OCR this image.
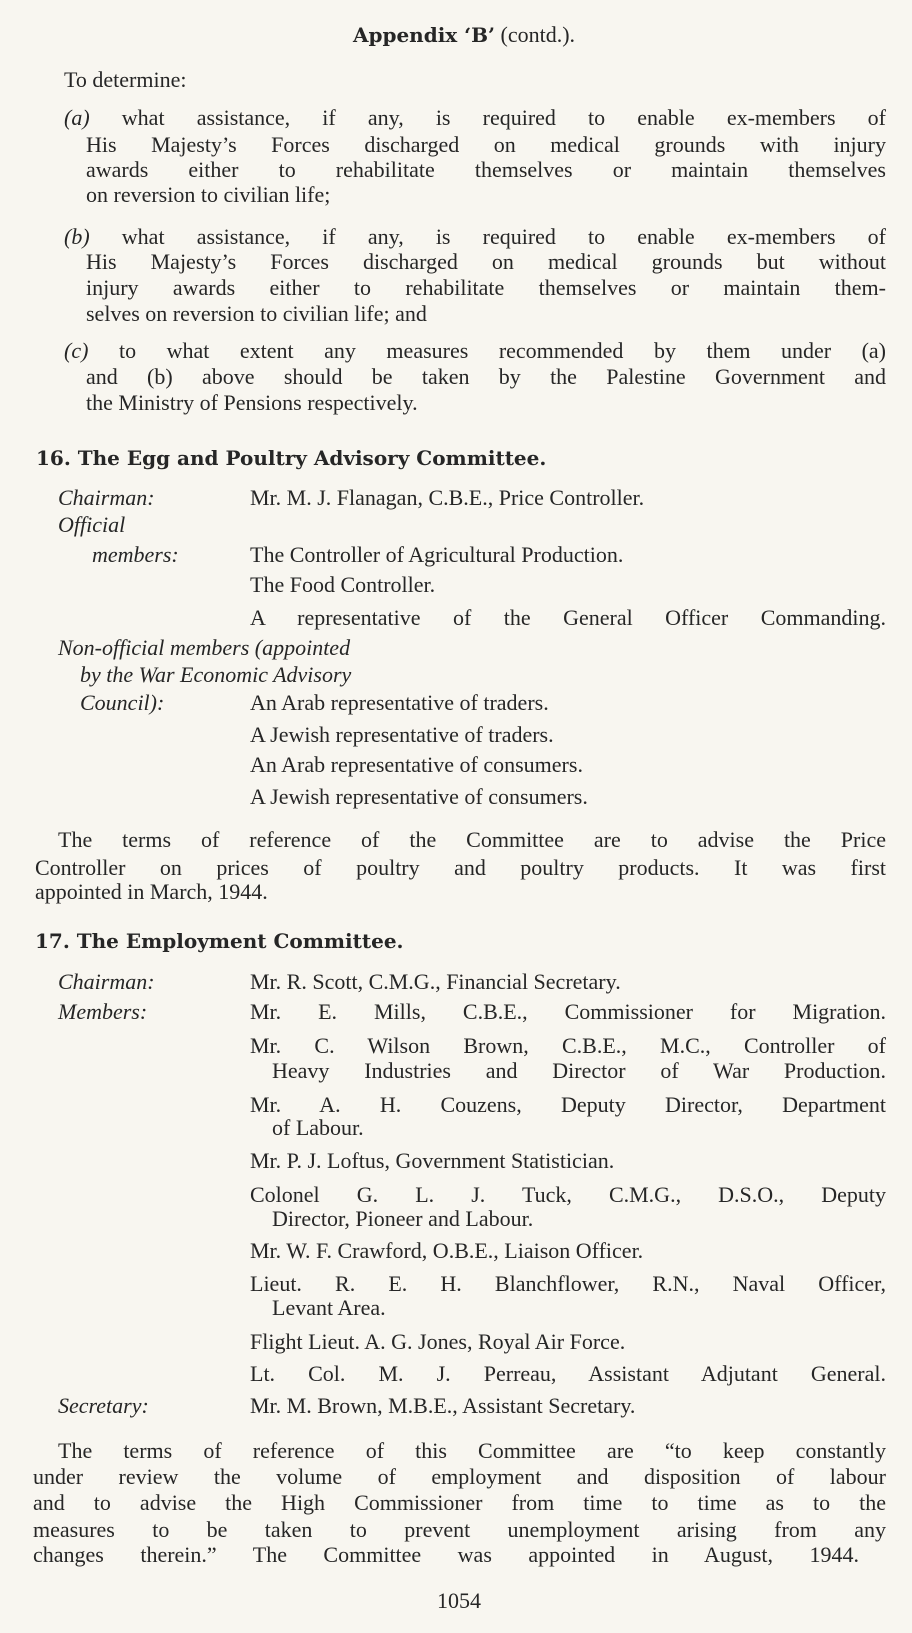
Appendix ‘B’ (contd.).
To determine:
(a) what assistance, if any, is required to enable ex-members of
His Majesty’s Forces discharged on medical grounds with injury
awards either to rehabilitate themselves or maintain themselves
on reversion to civilian life;
(b) what assistance, if any, is required to enable ex-members of
His Majesty’s Forces discharged on medical grounds but without
injury awards either to rehabilitate themselves or maintain them-
selves on reversion to civilian life; and
(c) to what extent any measures recommended by them under (a)
and (b) above should be taken by the Palestine Government and
the Ministry of Pensions respectively.
16. The Egg and Poultry Advisory Committee.
Chairman:
Official
members:
Non-official members (appointed
by the War Economic Advisory
Council):
Mr. M. J. Flanagan, C.B.E., Price Controller.
The Controller of Agricultural Production.
The Food Controller.
A representative of the General Officer Commanding.
An Arab representative of traders.
A Jewish representative of traders.
An Arab representative of consumers.
A Jewish representative of consumers.
The terms of reference of the Committee are to advise the Price
Controller on prices of poultry and poultry products. It was first
appointed in March, 1944.
17. The Employment Committee.
Chairman:
Members:
Secretary:
Mr. R. Scott, C.M.G., Financial Secretary.
Mr. E. Mills, C.B.E., Commissioner for Migration.
Mr. C. Wilson Brown, C.B.E., M.C., Controller of
Heavy Industries and Director of War Production.
Mr. A. H. Couzens, Deputy Director, Department
of Labour.
Mr. P. J. Loftus, Government Statistician.
Colonel G. L. J. Tuck, C.M.G., D.S.O., Deputy
Director, Pioneer and Labour.
Mr. W. F. Crawford, O.B.E., Liaison Officer.
Lieut. R. E. H. Blanchflower, R.N., Naval Officer,
Levant Area.
Flight Lieut. A. G. Jones, Royal Air Force.
Lt. Col. M. J. Perreau, Assistant Adjutant General.
Mr. M. Brown, M.B.E., Assistant Secretary.
The terms of reference of this Committee are “to keep constantly
under review the volume of employment and disposition of labour
and to advise the High Commissioner from time to time as to the
measures to be taken to prevent unemployment arising from any
changes therein.” The Committee was appointed in August, 1944.
1054
